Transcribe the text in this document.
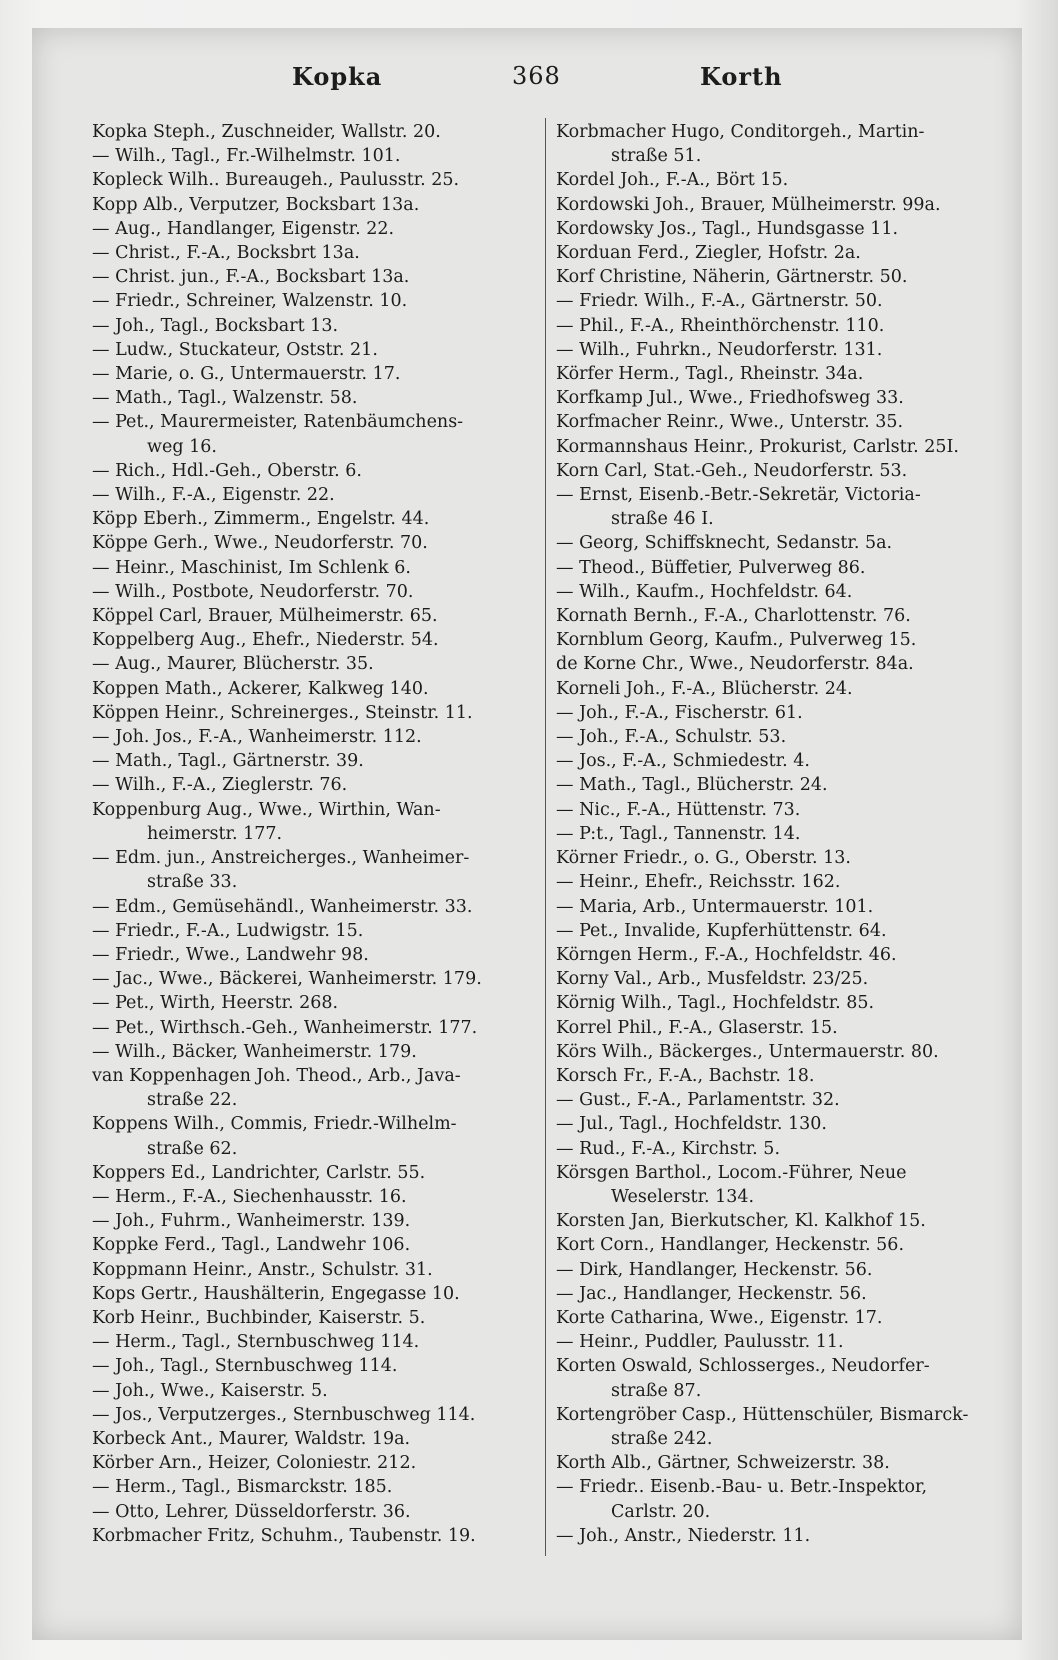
Kopka	368	Korth
Kopka Steph., Zuschneider, Wallstr. 20.
— Wilh., Tagl., Fr.-Wilhelmstr. 101.
Kopleck Wilh.. Bureaugeh., Paulusstr. 25.
Kopp Alb., Verputzer, Bocksbart 13a.
— Aug., Handlanger, Eigenstr. 22.
— Christ., F.-A., Bocksbrt 13a.
— Christ. jun., F.-A., Bocksbart 13a.
— Friedr., Schreiner, Walzenstr. 10.
— Joh., Tagl., Bocksbart 13.
— Ludw., Stuckateur, Oststr. 21.
— Marie, o. G., Untermauerstr. 17.
— Math., Tagl., Walzenstr. 58.
— Pet., Maurermeister, Ratenbäumchens-
weg 16.
— Rich., Hdl.-Geh., Oberstr. 6.
— Wilh., F.-A., Eigenstr. 22.
Köpp Eberh., Zimmerm., Engelstr. 44.
Köppe Gerh., Wwe., Neudorferstr. 70.
— Heinr., Maschinist, Im Schlenk 6.
— Wilh., Postbote, Neudorferstr. 70.
Köppel Carl, Brauer, Mülheimerstr. 65.
Koppelberg Aug., Ehefr., Niederstr. 54.
— Aug., Maurer, Blücherstr. 35.
Koppen Math., Ackerer, Kalkweg 140.
Köppen Heinr., Schreinerges., Steinstr. 11.
— Joh. Jos., F.-A., Wanheimerstr. 112.
— Math., Tagl., Gärtnerstr. 39.
— Wilh., F.-A., Zieglerstr. 76.
Koppenburg Aug., Wwe., Wirthin, Wan-
heimerstr. 177.
— Edm. jun., Anstreicherges., Wanheimer-
straße 33.
— Edm., Gemüsehändl., Wanheimerstr. 33.
— Friedr., F.-A., Ludwigstr. 15.
— Friedr., Wwe., Landwehr 98.
— Jac., Wwe., Bäckerei, Wanheimerstr. 179.
— Pet., Wirth, Heerstr. 268.
— Pet., Wirthsch.-Geh., Wanheimerstr. 177.
— Wilh., Bäcker, Wanheimerstr. 179.
van Koppenhagen Joh. Theod., Arb., Java-
straße 22.
Koppens Wilh., Commis, Friedr.-Wilhelm-
straße 62.
Koppers Ed., Landrichter, Carlstr. 55.
— Herm., F.-A., Siechenhausstr. 16.
— Joh., Fuhrm., Wanheimerstr. 139.
Koppke Ferd., Tagl., Landwehr 106.
Koppmann Heinr., Anstr., Schulstr. 31.
Kops Gertr., Haushälterin, Engegasse 10.
Korb Heinr., Buchbinder, Kaiserstr. 5.
— Herm., Tagl., Sternbuschweg 114.
— Joh., Tagl., Sternbuschweg 114.
— Joh., Wwe., Kaiserstr. 5.
— Jos., Verputzerges., Sternbuschweg 114.
Korbeck Ant., Maurer, Waldstr. 19a.
Körber Arn., Heizer, Coloniestr. 212.
— Herm., Tagl., Bismarckstr. 185.
— Otto, Lehrer, Düsseldorferstr. 36.
Korbmacher Fritz, Schuhm., Taubenstr. 19.
Korbmacher Hugo, Conditorgeh., Martin-
straße 51.
Kordel Joh., F.-A., Bört 15.
Kordowski Joh., Brauer, Mülheimerstr. 99a.
Kordowsky Jos., Tagl., Hundsgasse 11.
Korduan Ferd., Ziegler, Hofstr. 2a.
Korf Christine, Näherin, Gärtnerstr. 50.
— Friedr. Wilh., F.-A., Gärtnerstr. 50.
— Phil., F.-A., Rheinthörchenstr. 110.
— Wilh., Fuhrkn., Neudorferstr. 131.
Körfer Herm., Tagl., Rheinstr. 34a.
Korfkamp Jul., Wwe., Friedhofsweg 33.
Korfmacher Reinr., Wwe., Unterstr. 35.
Kormannshaus Heinr., Prokurist, Carlstr. 25I.
Korn Carl, Stat.-Geh., Neudorferstr. 53.
— Ernst, Eisenb.-Betr.-Sekretär, Victoria-
straße 46 I.
— Georg, Schiffsknecht, Sedanstr. 5a.
— Theod., Büffetier, Pulverweg 86.
— Wilh., Kaufm., Hochfeldstr. 64.
Kornath Bernh., F.-A., Charlottenstr. 76.
Kornblum Georg, Kaufm., Pulverweg 15.
de Korne Chr., Wwe., Neudorferstr. 84a.
Korneli Joh., F.-A., Blücherstr. 24.
— Joh., F.-A., Fischerstr. 61.
— Joh., F.-A., Schulstr. 53.
— Jos., F.-A., Schmiedestr. 4.
— Math., Tagl., Blücherstr. 24.
— Nic., F.-A., Hüttenstr. 73.
— P:t., Tagl., Tannenstr. 14.
Körner Friedr., o. G., Oberstr. 13.
— Heinr., Ehefr., Reichsstr. 162.
— Maria, Arb., Untermauerstr. 101.
— Pet., Invalide, Kupferhüttenstr. 64.
Körngen Herm., F.-A., Hochfeldstr. 46.
Korny Val., Arb., Musfeldstr. 23/25.
Körnig Wilh., Tagl., Hochfeldstr. 85.
Korrel Phil., F.-A., Glaserstr. 15.
Körs Wilh., Bäckerges., Untermauerstr. 80.
Korsch Fr., F.-A., Bachstr. 18.
— Gust., F.-A., Parlamentstr. 32.
— Jul., Tagl., Hochfeldstr. 130.
— Rud., F.-A., Kirchstr. 5.
Körsgen Barthol., Locom.-Führer, Neue
Weselerstr. 134.
Korsten Jan, Bierkutscher, Kl. Kalkhof 15.
Kort Corn., Handlanger, Heckenstr. 56.
— Dirk, Handlanger, Heckenstr. 56.
— Jac., Handlanger, Heckenstr. 56.
Korte Catharina, Wwe., Eigenstr. 17.
— Heinr., Puddler, Paulusstr. 11.
Korten Oswald, Schlosserges., Neudorfer-
straße 87.
Kortengröber Casp., Hüttenschüler, Bismarck-
straße 242.
Korth Alb., Gärtner, Schweizerstr. 38.
— Friedr.. Eisenb.-Bau- u. Betr.-Inspektor,
Carlstr. 20.
— Joh., Anstr., Niederstr. 11.
